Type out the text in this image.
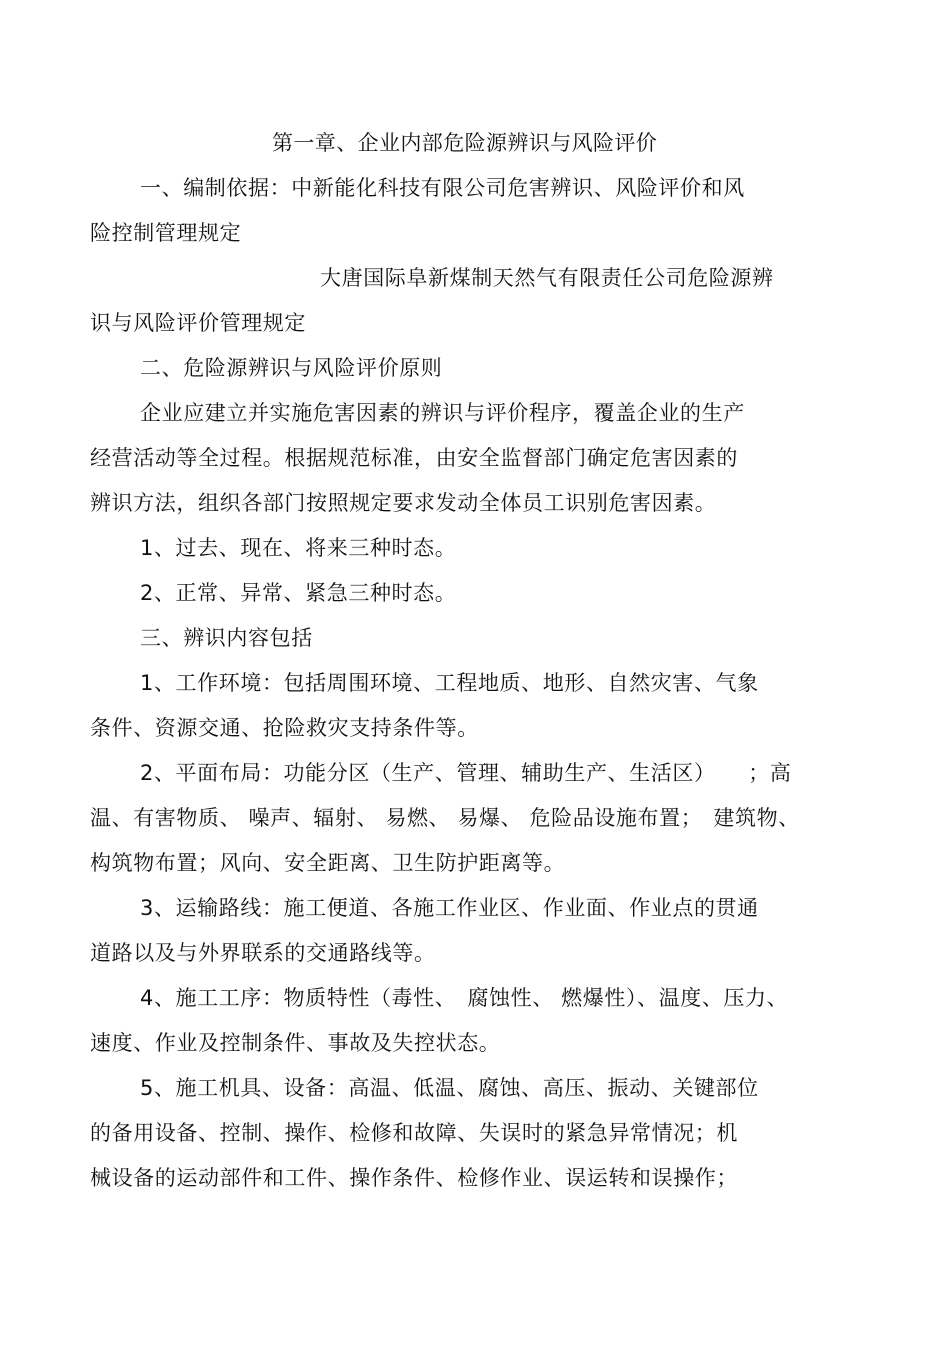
第一章、企业内部危险源辨识与风险评价
一、编制依据：中新能化科技有限公司危害辨识、风险评价和风
险控制管理规定
大唐国际阜新煤制天然气有限责任公司危险源辨
识与风险评价管理规定
二、危险源辨识与风险评价原则
企业应建立并实施危害因素的辨识与评价程序，覆盖企业的生产
经营活动等全过程。根据规范标准，由安全监督部门确定危害因素的
辨识方法，组织各部门按照规定要求发动全体员工识别危害因素。
1、过去、现在、将来三种时态。
2、正常、异常、紧急三种时态。
三、辨识内容包括
1、工作环境：包括周围环境、工程地质、地形、自然灾害、气象
条件、资源交通、抢险救灾支持条件等。
2、平面布局：功能分区（生产、管理、辅助生产、生活区）　　；高
温、有害物质、 噪声、辐射、 易燃、 易爆、 危险品设施布置；　建筑物、
构筑物布置；风向、安全距离、卫生防护距离等。
3、运输路线：施工便道、各施工作业区、作业面、作业点的贯通
道路以及与外界联系的交通路线等。
4、施工工序：物质特性（毒性、　腐蚀性、 燃爆性）、温度、压力、
速度、作业及控制条件、事故及失控状态。
5、施工机具、设备：高温、低温、腐蚀、高压、振动、关键部位
的备用设备、控制、操作、检修和故障、失误时的紧急异常情况；机
械设备的运动部件和工件、操作条件、检修作业、误运转和误操作；
